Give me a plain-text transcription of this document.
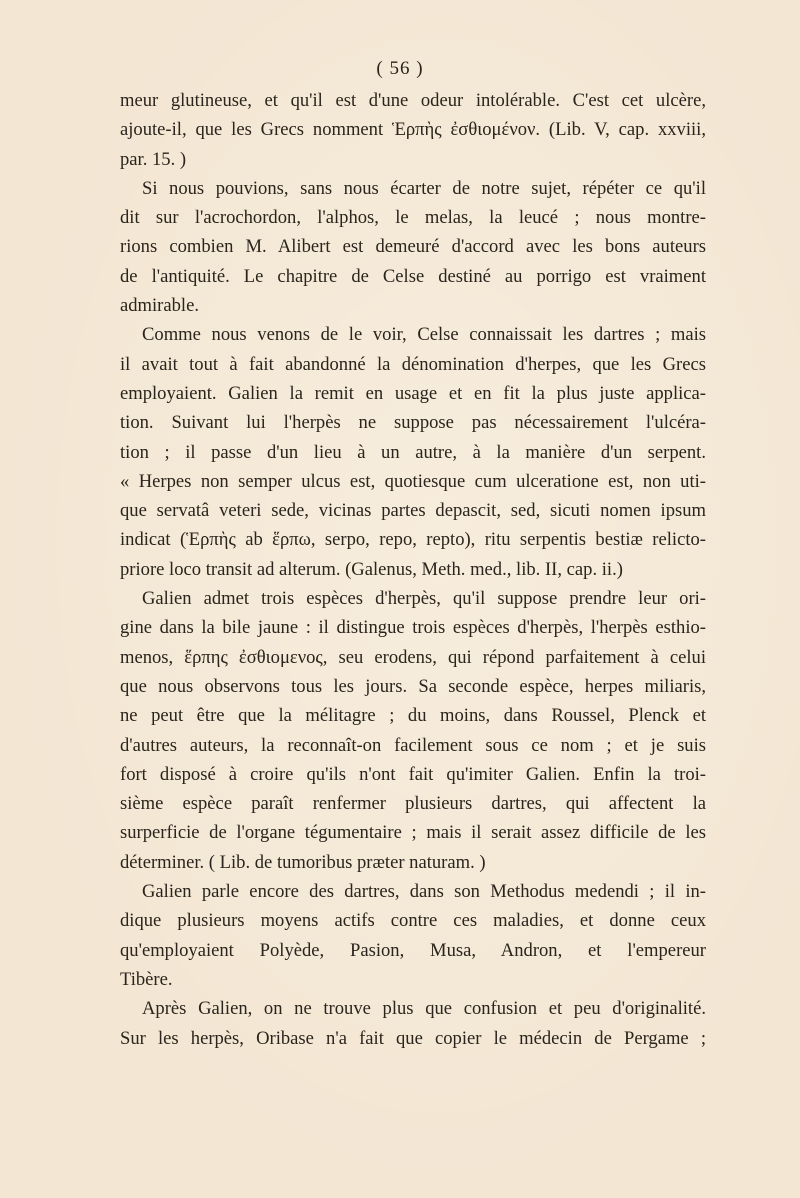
( 56 )
meur glutineuse, et qu'il est d'une odeur intolérable. C'est cet ulcère,
ajoute-il, que les Grecs nomment Ἑρπὴς ἐσθιομένον. (Lib. V, cap. xxviii,
par. 15. )
Si nous pouvions, sans nous écarter de notre sujet, répéter ce qu'il
dit sur l'acrochordon, l'alphos, le melas, la leucé ; nous montre-
rions combien M. Alibert est demeuré d'accord avec les bons auteurs
de l'antiquité. Le chapitre de Celse destiné au porrigo est vraiment
admirable.
Comme nous venons de le voir, Celse connaissait les dartres ; mais
il avait tout à fait abandonné la dénomination d'herpes, que les Grecs
employaient. Galien la remit en usage et en fit la plus juste applica-
tion. Suivant lui l'herpès ne suppose pas nécessairement l'ulcéra-
tion ; il passe d'un lieu à un autre, à la manière d'un serpent.
« Herpes non semper ulcus est, quotiesque cum ulceratione est, non uti-
que servatâ veteri sede, vicinas partes depascit, sed, sicuti nomen ipsum
indicat (Ἑρπὴς ab ἕρπω, serpo, repo, repto), ritu serpentis bestiæ relicto-
priore loco transit ad alterum. (Galenus, Meth. med., lib. II, cap. ii.)
Galien admet trois espèces d'herpès, qu'il suppose prendre leur ori-
gine dans la bile jaune : il distingue trois espèces d'herpès, l'herpès esthio-
menos, ἕρπης ἐσθιομενος, seu erodens, qui répond parfaitement à celui
que nous observons tous les jours. Sa seconde espèce, herpes miliaris,
ne peut être que la mélitagre ; du moins, dans Roussel, Plenck et
d'autres auteurs, la reconnaît-on facilement sous ce nom ; et je suis
fort disposé à croire qu'ils n'ont fait qu'imiter Galien. Enfin la troi-
sième espèce paraît renfermer plusieurs dartres, qui affectent la
surperficie de l'organe tégumentaire ; mais il serait assez difficile de les
déterminer. ( Lib. de tumoribus præter naturam. )
Galien parle encore des dartres, dans son Methodus medendi ; il in-
dique plusieurs moyens actifs contre ces maladies, et donne ceux
qu'employaient Polyède, Pasion, Musa, Andron, et l'empereur
Tibère.
Après Galien, on ne trouve plus que confusion et peu d'originalité.
Sur les herpès, Oribase n'a fait que copier le médecin de Pergame ;
